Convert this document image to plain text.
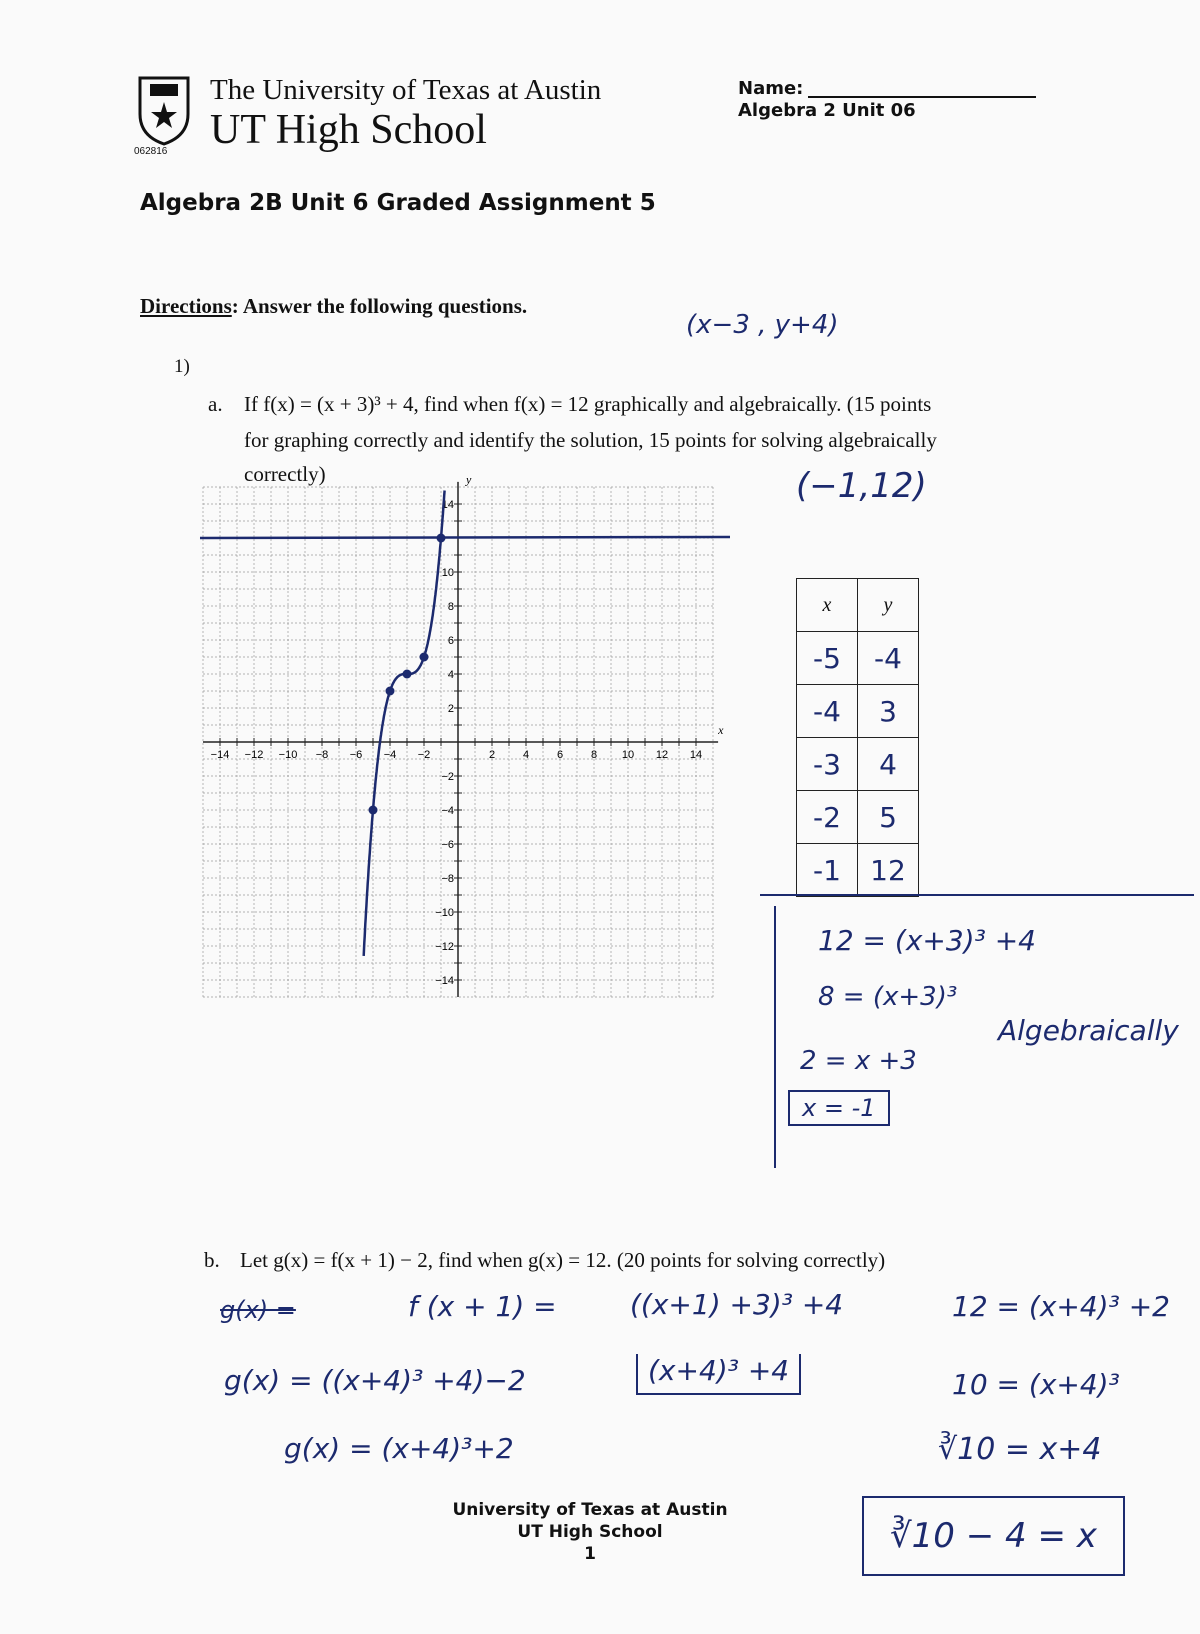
062816
The University of Texas at Austin
UT High School
Name:
Algebra 2 Unit 06
Algebra 2B Unit 6 Graded Assignment 5
Directions: Answer the following questions.
(x−3 , y+4)
1)
a. If f(x) = (x + 3)³ + 4, find when f(x) = 12 graphically and algebraically. (15 points
for graphing correctly and identify the solution, 15 points for solving algebraically
correctly)	(−1,12)
−14 −12 −10 −8 −6 −4 −2	2	4	6	8 10 12 14
2
4
6
8
10
14
−2
−4
−6
−8
−10
−12
−14
x
y
x	y
-5	-4
-4	3
-3	4
-2	5
-1	12
12 = (x+3)³ +4
8 = (x+3)³
2 = x +3
x = -1
Algebraically
b. Let g(x) = f(x + 1) − 2, find when g(x) = 12. (20 points for solving correctly)
g(x) =	f (x + 1) =	((x+1) +3)³ +4
(x+4)³ +4
g(x) = ((x+4)³ +4)−2
g(x) = (x+4)³+2
12 = (x+4)³ +2
10 = (x+4)³
∛10 = x+4
∛10 − 4 = x
University of Texas at Austin
UT High School
1
